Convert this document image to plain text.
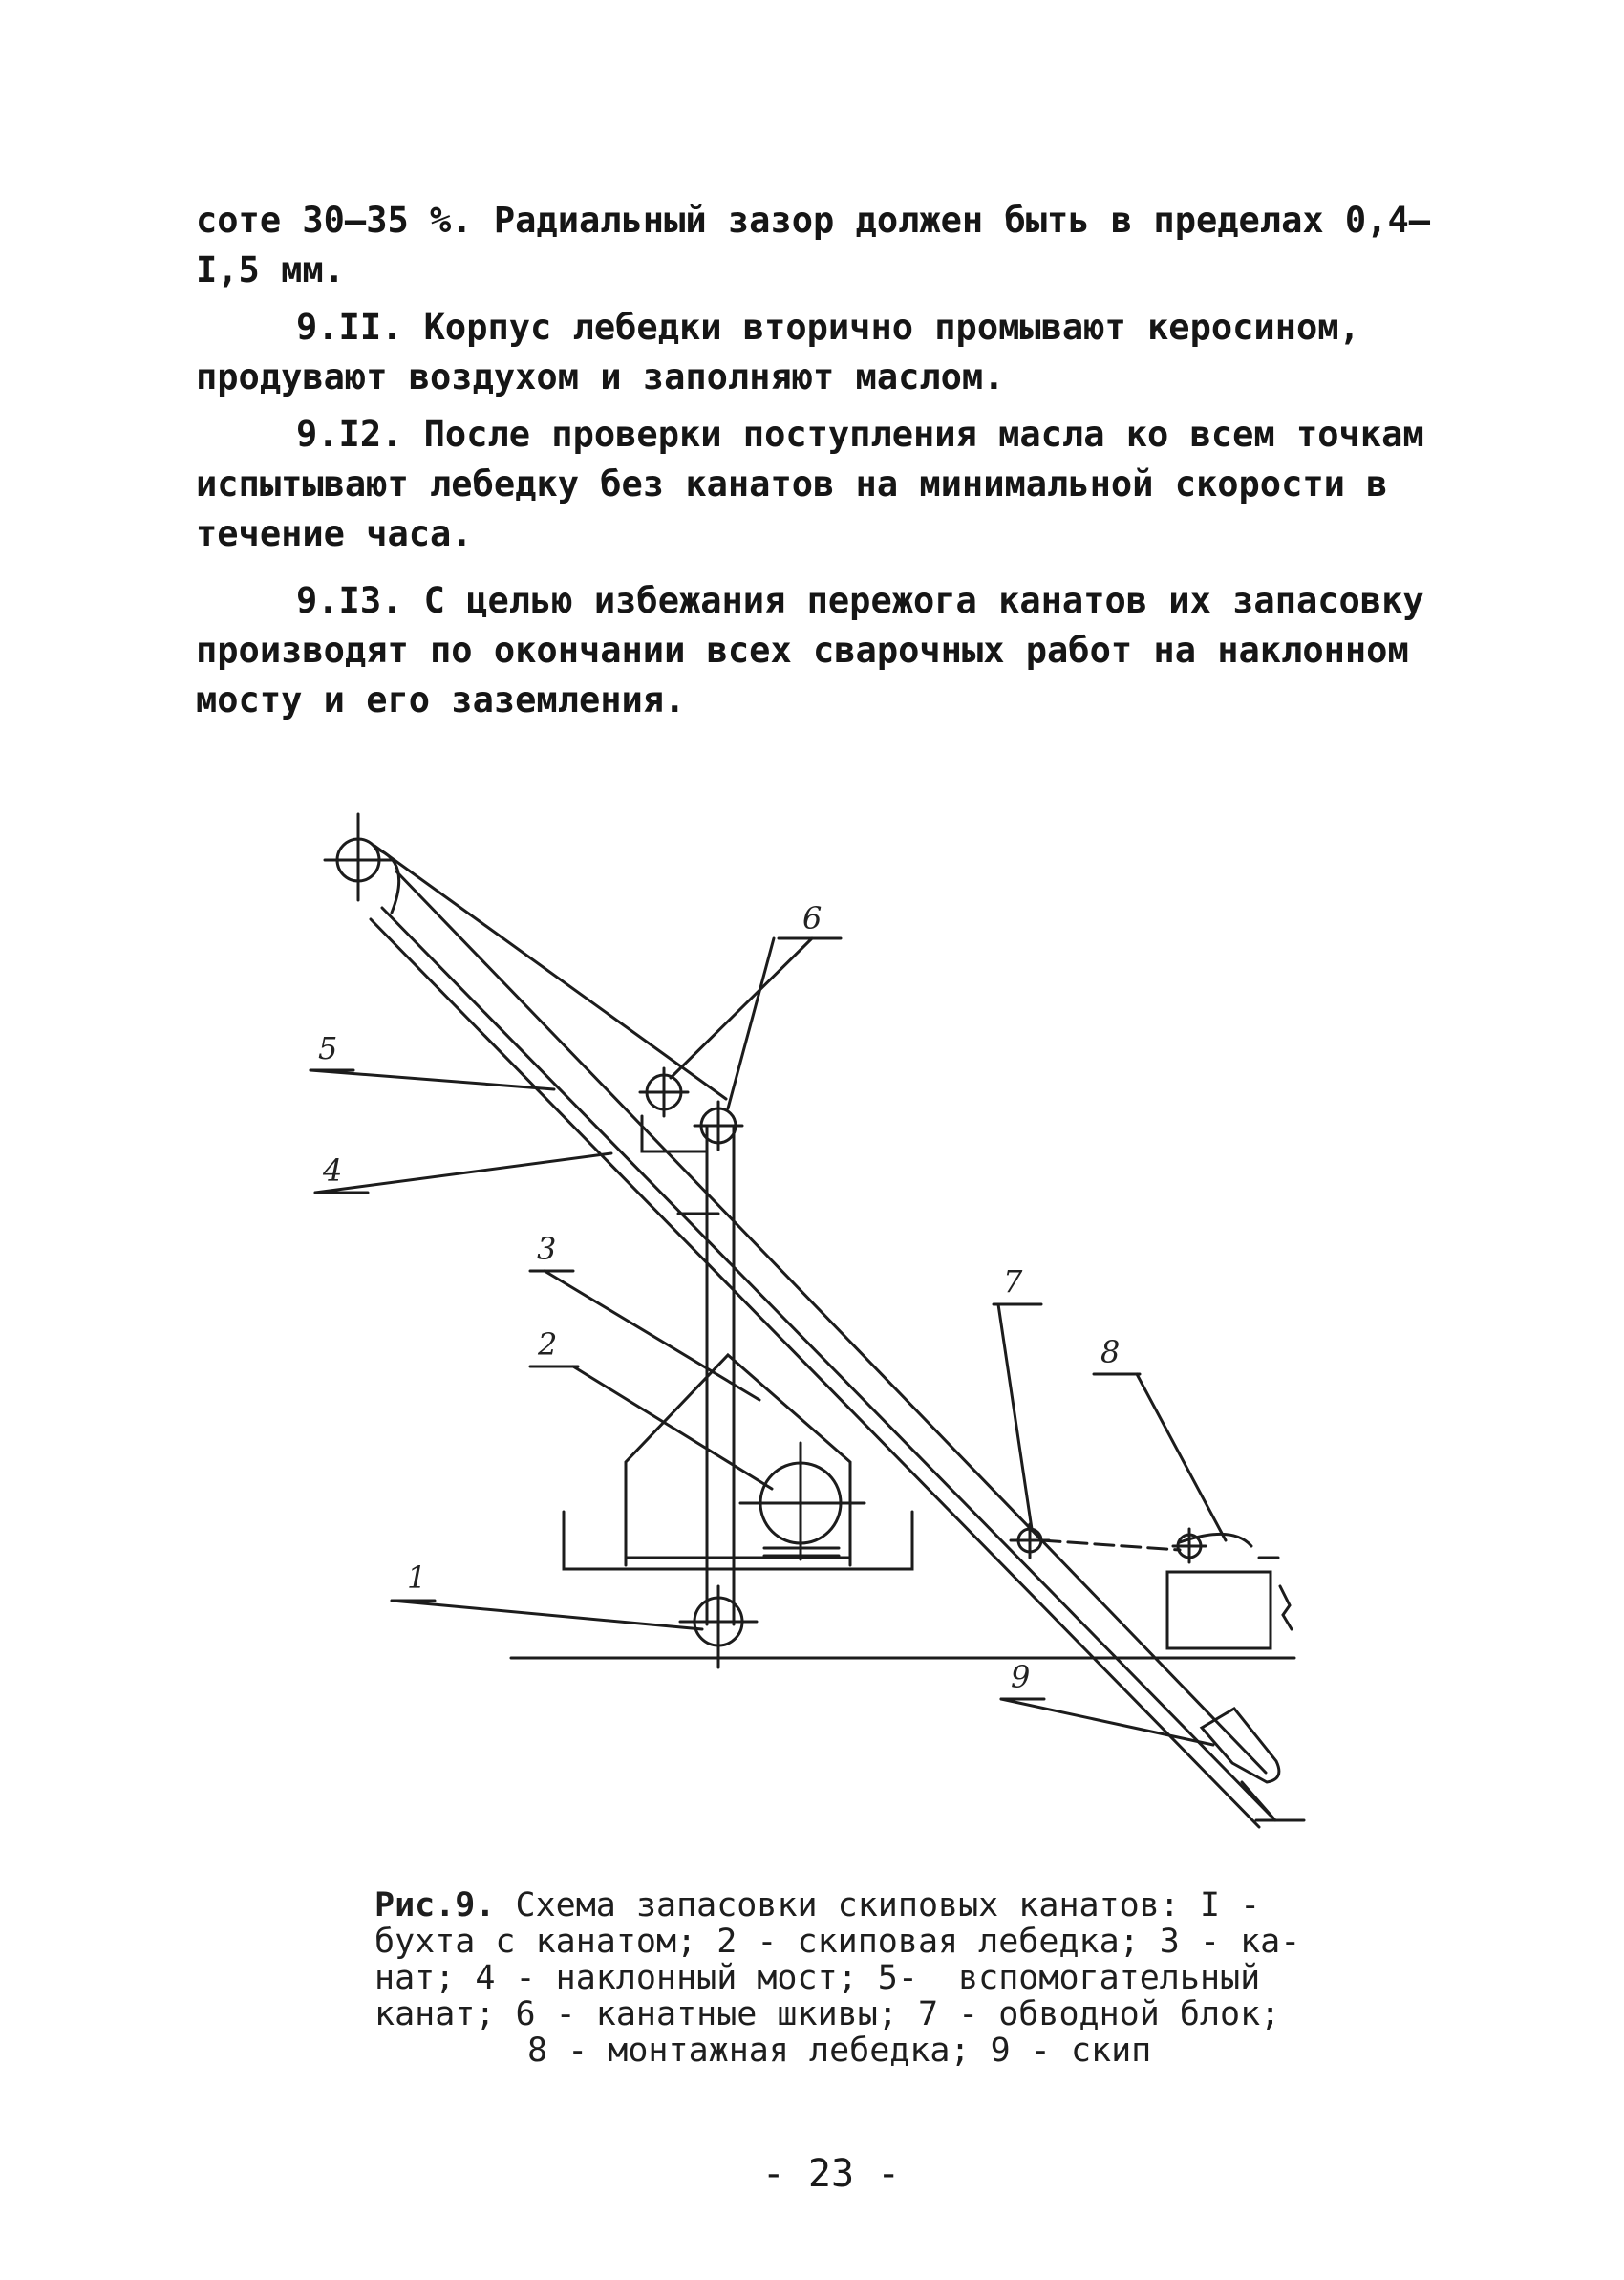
соте 30–35 %. Радиальный зазор должен быть в пределах 0,4–I,5 мм.

9.II. Корпус лебедки вторично промывают керосином, продувают воздухом и заполняют маслом.

9.I2. После проверки поступления масла ко всем точкам испытывают лебедку без канатов на минимальной скорости в течение часа.

9.I3. С целью избежания пережога канатов их запасовку производят по окончании всех сварочных работ на наклонном мосту и его заземления.

6
5
4
3
2
7
8
1
9
Рис.9. Схема запасовки скиповых канатов: I -
бухта с канатом; 2 - скиповая лебедка; 3 - ка-
нат; 4 - наклонный мост; 5-  вспомогательный
канат; 6 - канатные шкивы; 7 - обводной блок;
8 - монтажная лебедка; 9 - скип
- 23 -
